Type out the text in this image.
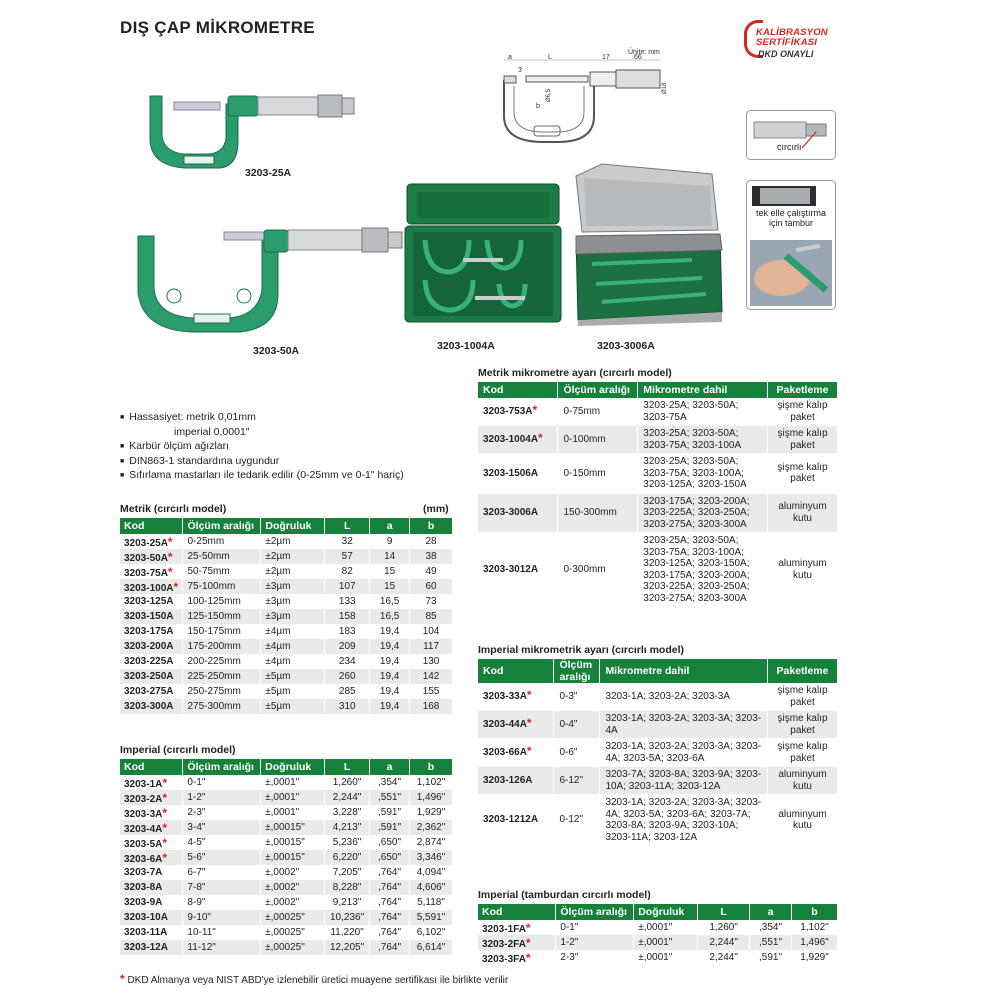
DIŞ ÇAP MİKROMETRE	KALİBRASYON
SERTİFİKASI
DKD ONAYLI
Ünite: mm
a	L	17	66
3
b
Ø6,5
Ø18
3203-25A
3203-50A	3203-1004A	3203-3006A
cırcırlı
tek elle çalıştırma için tambur
■ Hassasiyet: metrik 0,01mm
imperial 0,0001"
■ Karbür ölçüm ağızları
■ DIN863-1 standardına uygundur
■ Sıfırlama mastarları ile tedarik edilir (0-25mm ve 0-1" hariç)
Metrik (cırcırlı model)	(mm)
Kod	Ölçüm aralığı	Doğruluk	L	a	b
3203-25A*	0-25mm	±2µm	32	9	28
3203-50A*	25-50mm	±2µm	57	14	38
3203-75A*	50-75mm	±2µm	82	15	49
3203-100A*	75-100mm	±3µm	107	15	60
3203-125A	100-125mm	±3µm	133	16,5	73
3203-150A	125-150mm	±3µm	158	16,5	85
3203-175A	150-175mm	±4µm	183	19,4	104
3203-200A	175-200mm	±4µm	209	19,4	117
3203-225A	200-225mm	±4µm	234	19,4	130
3203-250A	225-250mm	±5µm	260	19,4	142
3203-275A	250-275mm	±5µm	285	19,4	155
3203-300A	275-300mm	±5µm	310	19,4	168
Imperial (cırcırlı model)
Kod	Ölçüm aralığı	Doğruluk	L	a	b
3203-1A*	0-1"	±,0001"	1,260"	,354"	1,102"
3203-2A*	1-2"	±,0001"	2,244"	,551"	1,496"
3203-3A*	2-3"	±,0001"	3,228"	,591"	1,929"
3203-4A*	3-4"	±,00015"	4,213"	,591"	2,362"
3203-5A*	4-5"	±,00015"	5,236"	,650"	2,874"
3203-6A*	5-6"	±,00015"	6,220"	,650"	3,346"
3203-7A	6-7"	±,0002"	7,205"	,764"	4,094"
3203-8A	7-8"	±,0002"	8,228"	,764"	4,606"
3203-9A	8-9"	±,0002"	9,213"	,764"	5,118"
3203-10A	9-10"	±,00025"	10,236"	,764"	5,591"
3203-11A	10-11"	±,00025"	11,220"	,764"	6,102"
3203-12A	11-12"	±,00025"	12,205"	,764"	6,614"
Metrik mikrometre ayarı (cırcırlı model)
Kod	Ölçüm aralığı	Mikrometre dahil	Paketleme
3203-753A*	0-75mm	3203-25A; 3203-50A; 3203-75A	şişme kalıp paket
3203-1004A*	0-100mm	3203-25A; 3203-50A; 3203-75A; 3203-100A	şişme kalıp paket
3203-1506A	0-150mm	3203-25A; 3203-50A; 3203-75A; 3203-100A; 3203-125A; 3203-150A	şişme kalıp paket
3203-3006A	150-300mm	3203-175A; 3203-200A; 3203-225A; 3203-250A; 3203-275A; 3203-300A	aluminyum kutu
3203-3012A	0-300mm	3203-25A; 3203-50A; 3203-75A; 3203-100A; 3203-125A; 3203-150A; 3203-175A; 3203-200A; 3203-225A; 3203-250A; 3203-275A; 3203-300A	aluminyum kutu
Imperial mikrometrik ayarı (cırcırlı model)
Kod	Ölçüm aralığı	Mikrometre dahil	Paketleme
3203-33A*	0-3"	3203-1A; 3203-2A; 3203-3A	şişme kalıp paket
3203-44A*	0-4"	3203-1A; 3203-2A; 3203-3A; 3203-4A	şişme kalıp paket
3203-66A*	0-6"	3203-1A; 3203-2A; 3203-3A; 3203-4A; 3203-5A; 3203-6A	şişme kalıp paket
3203-126A	6-12"	3203-7A; 3203-8A; 3203-9A; 3203-10A; 3203-11A; 3203-12A	aluminyum kutu
3203-1212A	0-12"	3203-1A; 3203-2A; 3203-3A; 3203-4A; 3203-5A; 3203-6A; 3203-7A; 3203-8A; 3203-9A; 3203-10A; 3203-11A; 3203-12A	aluminyum kutu
Imperial (tamburdan cırcırlı model)
Kod	Ölçüm aralığı	Doğruluk	L	a	b
3203-1FA*	0-1"	±,0001"	1,260"	,354"	1,102"
3203-2FA*	1-2"	±,0001"	2,244"	,551"	1,496"
3203-3FA*	2-3"	±,0001"	2,244"	,591"	1,929"
* DKD Almanya veya NIST ABD'ye izlenebilir üretici muayene sertifikası ile birlikte verilir
